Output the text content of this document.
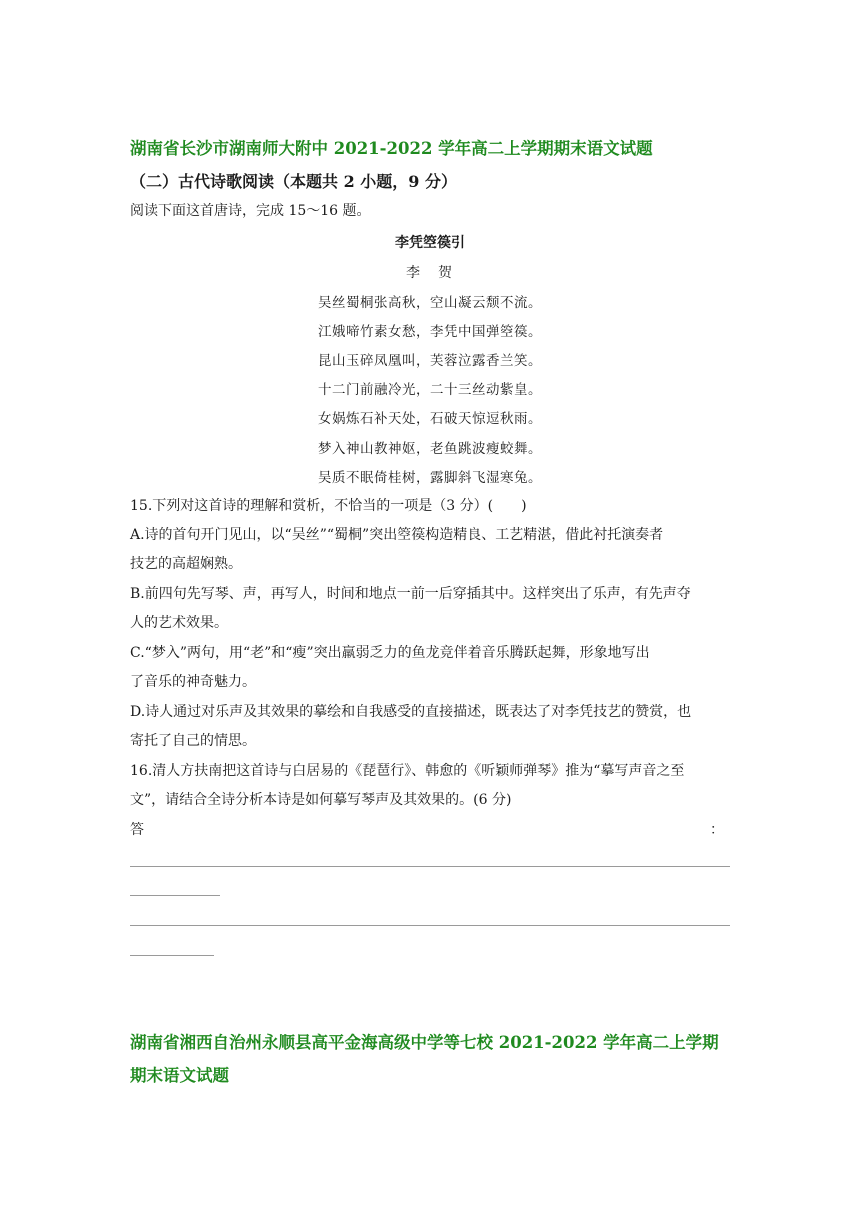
湖南省长沙市湖南师大附中 2021-2022 学年高二上学期期末语文试题
（二）古代诗歌阅读（本题共 2 小题，9 分）
阅读下面这首唐诗，完成 15～16 题。
李凭箜篌引
李　贺
吴丝蜀桐张高秋，空山凝云颓不流。
江娥啼竹素女愁，李凭中国弹箜篌。
昆山玉碎凤凰叫，芙蓉泣露香兰笑。
十二门前融冷光，二十三丝动紫皇。
女娲炼石补天处，石破天惊逗秋雨。
梦入神山教神妪，老鱼跳波瘦蛟舞。
吴质不眠倚桂树，露脚斜飞湿寒兔。
15.下列对这首诗的理解和赏析，不恰当的一项是（3 分）(　　)
A.诗的首句开门见山，以“吴丝”“蜀桐”突出箜篌构造精良、工艺精湛，借此衬托演奏者
技艺的高超娴熟。
B.前四句先写琴、声，再写人，时间和地点一前一后穿插其中。这样突出了乐声，有先声夺
人的艺术效果。
C.“梦入”两句，用“老”和“瘦”突出羸弱乏力的鱼龙竞伴着音乐腾跃起舞，形象地写出
了音乐的神奇魅力。
D.诗人通过对乐声及其效果的摹绘和自我感受的直接描述，既表达了对李凭技艺的赞赏，也
寄托了自己的情思。
16.清人方扶南把这首诗与白居易的《琵琶行》、韩愈的《听颖师弹琴》推为“摹写声音之至
文”，请结合全诗分析本诗是如何摹写琴声及其效果的。(6 分)
答	：
湖南省湘西自治州永顺县高平金海高级中学等七校 2021-2022 学年高二上学期
期末语文试题
